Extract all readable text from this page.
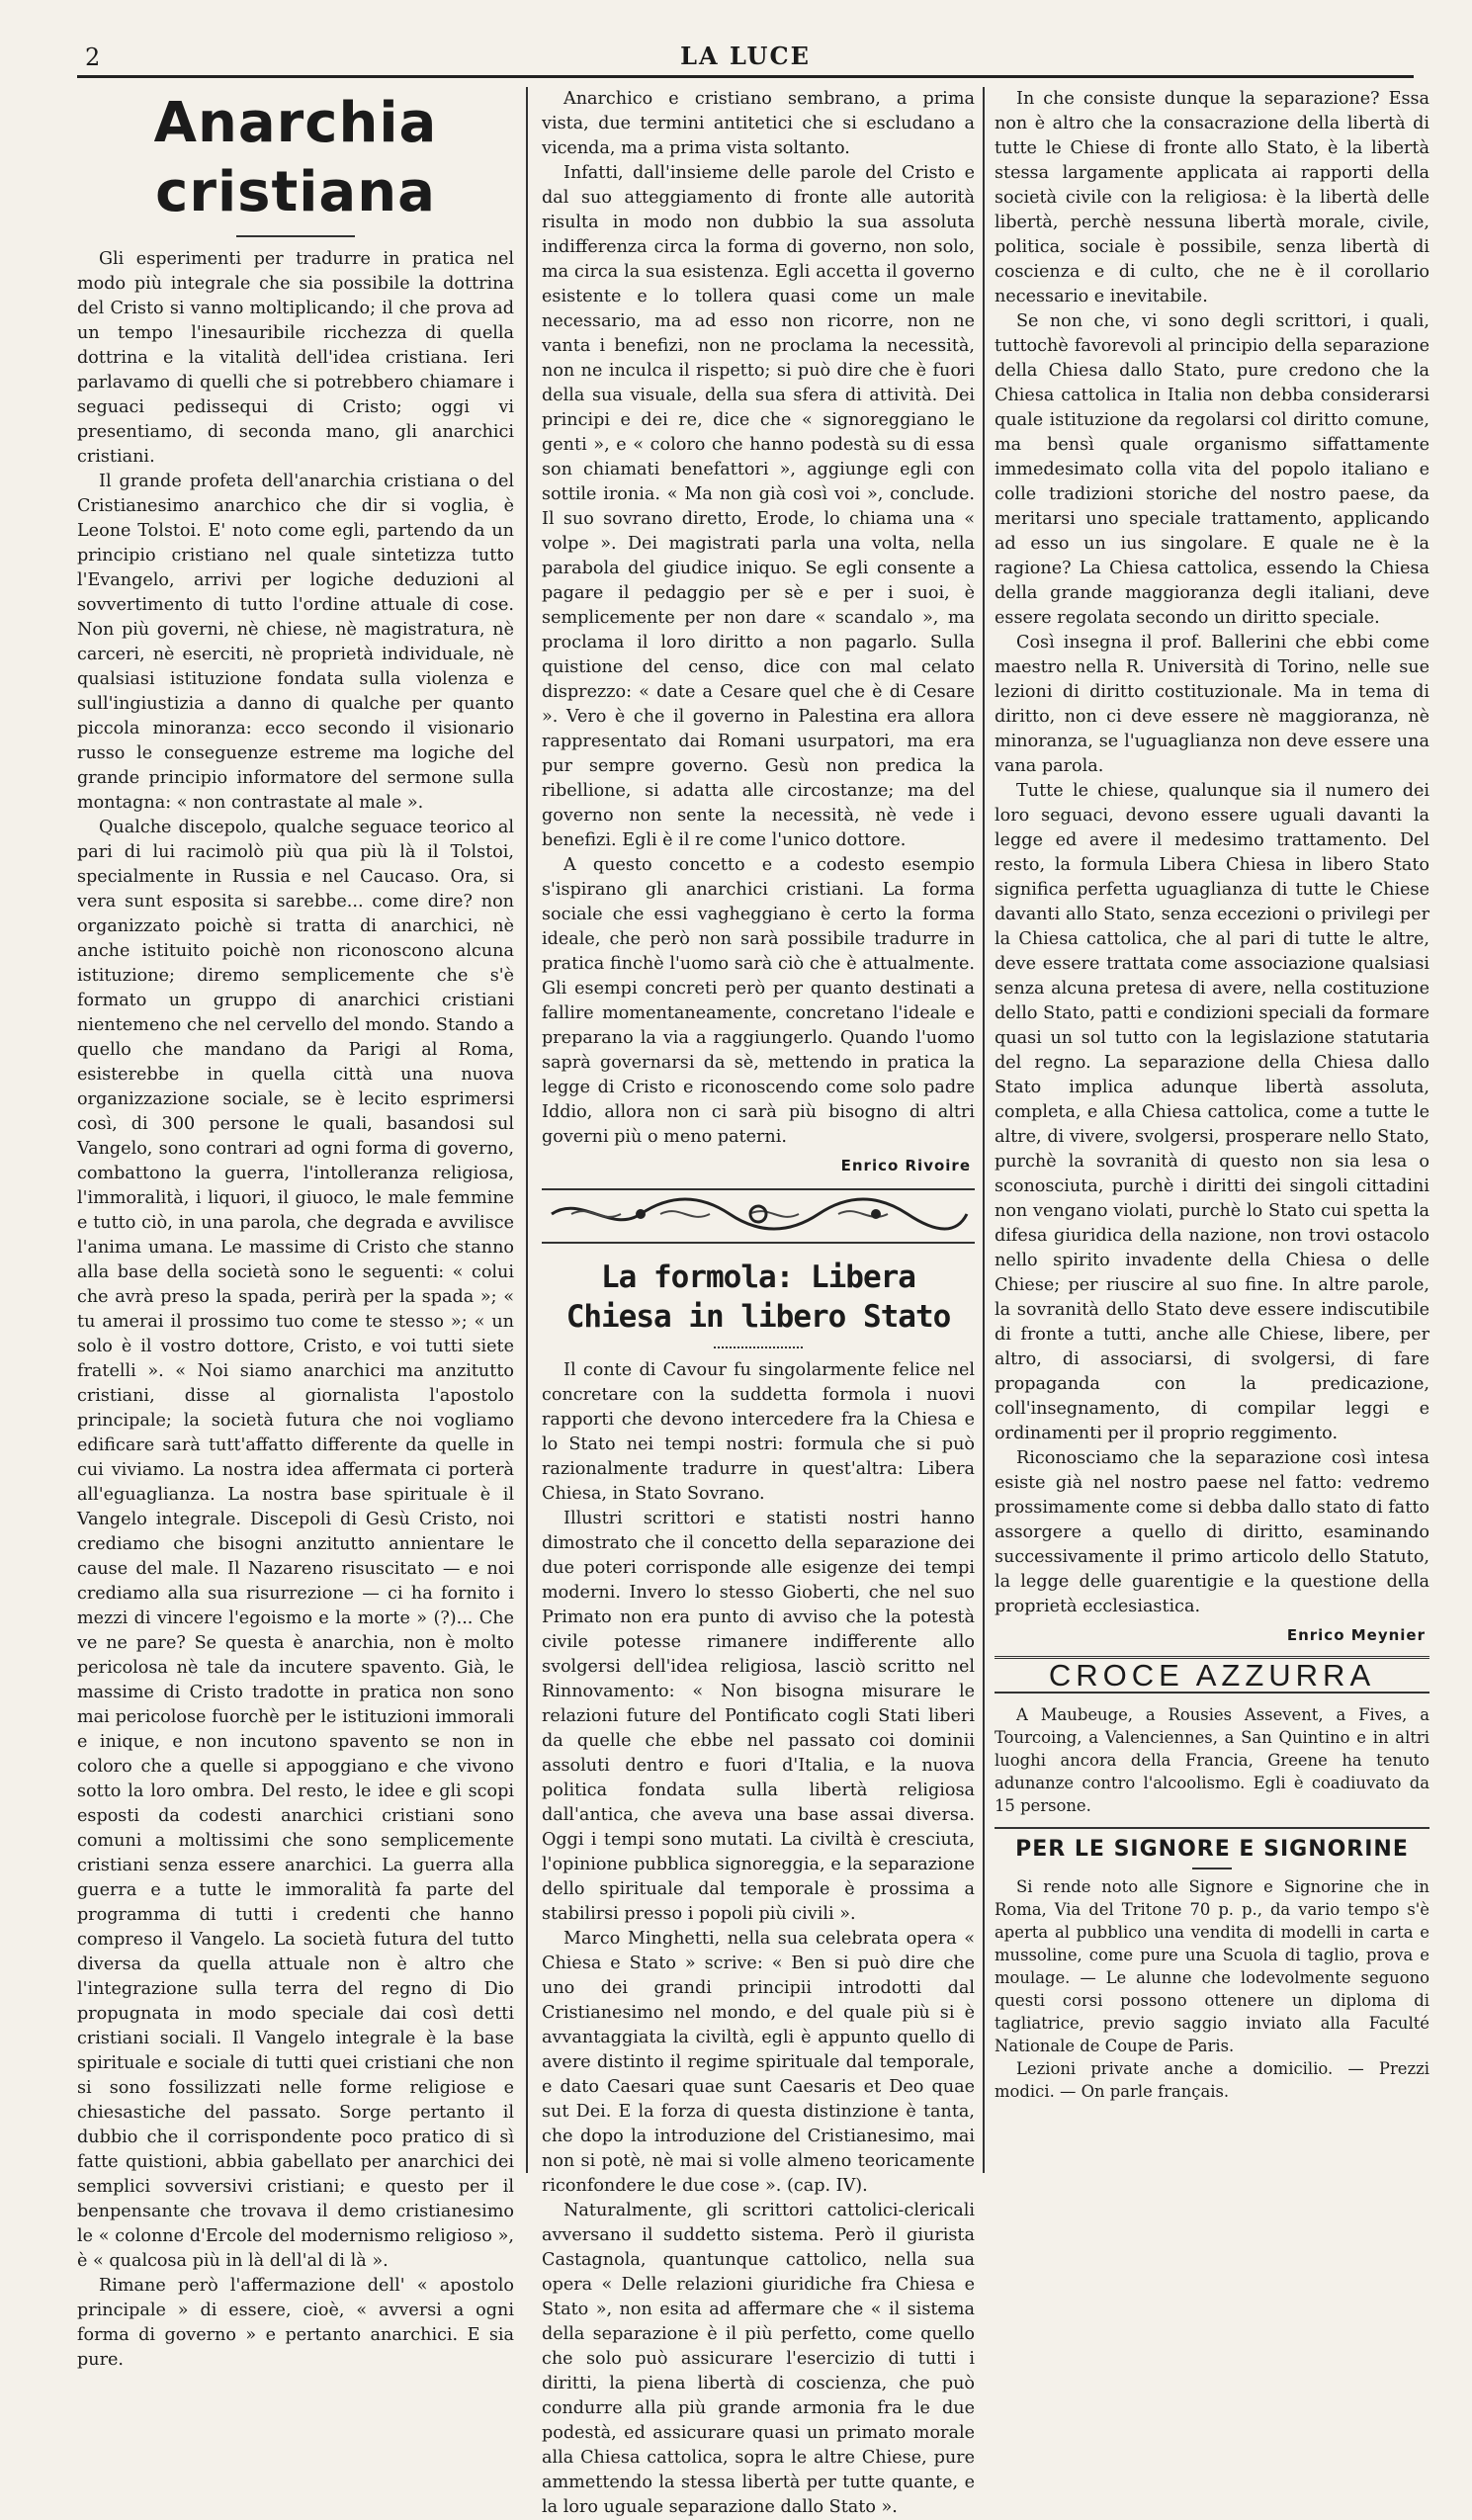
2	LA LUCE
Anarchia cristiana

Gli esperimenti per tradurre in pratica nel modo più integrale che sia possibile la dottrina del Cristo si vanno moltiplicando; il che prova ad un tempo l'inesauribile ricchezza di quella dottrina e la vitalità dell'idea cristiana. Ieri parlavamo di quelli che si potrebbero chiamare i seguaci pedissequi di Cristo; oggi vi presentiamo, di seconda mano, gli anarchici cristiani.

Il grande profeta dell'anarchia cristiana o del Cristianesimo anarchico che dir si voglia, è Leone Tolstoi. E' noto come egli, partendo da un principio cristiano nel quale sintetizza tutto l'Evangelo, arrivi per logiche deduzioni al sovvertimento di tutto l'ordine attuale di cose. Non più governi, nè chiese, nè magistratura, nè carceri, nè eserciti, nè proprietà individuale, nè qualsiasi istituzione fondata sulla violenza e sull'ingiustizia a danno di qualche per quanto piccola minoranza: ecco secondo il visionario russo le conseguenze estreme ma logiche del grande principio informatore del sermone sulla montagna: « non contrastate al male ».

Qualche discepolo, qualche seguace teorico al pari di lui racimolò più qua più là il Tolstoi, specialmente in Russia e nel Caucaso. Ora, si vera sunt esposita si sarebbe... come dire? non organizzato poichè si tratta di anarchici, nè anche istituito poichè non riconoscono alcuna istituzione; diremo semplicemente che s'è formato un gruppo di anarchici cristiani nientemeno che nel cervello del mondo. Stando a quello che mandano da Parigi al Roma, esisterebbe in quella città una nuova organizzazione sociale, se è lecito esprimersi così, di 300 persone le quali, basandosi sul Vangelo, sono contrari ad ogni forma di governo, combattono la guerra, l'intolleranza religiosa, l'immoralità, i liquori, il giuoco, le male femmine e tutto ciò, in una parola, che degrada e avvilisce l'anima umana. Le massime di Cristo che stanno alla base della società sono le seguenti: « colui che avrà preso la spada, perirà per la spada »; « tu amerai il prossimo tuo come te stesso »; « un solo è il vostro dottore, Cristo, e voi tutti siete fratelli ». « Noi siamo anarchici ma anzitutto cristiani, disse al giornalista l'apostolo principale; la società futura che noi vogliamo edificare sarà tutt'affatto differente da quelle in cui viviamo. La nostra idea affermata ci porterà all'eguaglianza. La nostra base spirituale è il Vangelo integrale. Discepoli di Gesù Cristo, noi crediamo che bisogni anzitutto annientare le cause del male. Il Nazareno risuscitato — e noi crediamo alla sua risurrezione — ci ha fornito i mezzi di vincere l'egoismo e la morte » (?)... Che ve ne pare? Se questa è anarchia, non è molto pericolosa nè tale da incutere spavento. Già, le massime di Cristo tradotte in pratica non sono mai pericolose fuorchè per le istituzioni immorali e inique, e non incutono spavento se non in coloro che a quelle si appoggiano e che vivono sotto la loro ombra. Del resto, le idee e gli scopi esposti da codesti anarchici cristiani sono comuni a moltissimi che sono semplicemente cristiani senza essere anarchici. La guerra alla guerra e a tutte le immoralità fa parte del programma di tutti i credenti che hanno compreso il Vangelo. La società futura del tutto diversa da quella attuale non è altro che l'integrazione sulla terra del regno di Dio propugnata in modo speciale dai così detti cristiani sociali. Il Vangelo integrale è la base spirituale e sociale di tutti quei cristiani che non si sono fossilizzati nelle forme religiose e chiesastiche del passato. Sorge pertanto il dubbio che il corrispondente poco pratico di sì fatte quistioni, abbia gabellato per anarchici dei semplici sovversivi cristiani; e questo per il benpensante che trovava il demo cristianesimo le « colonne d'Ercole del modernismo religioso », è « qualcosa più in là dell'al di là ».

Rimane però l'affermazione dell' « apostolo principale » di essere, cioè, « avversi a ogni forma di governo » e pertanto anarchici. E sia pure.

Anarchico e cristiano sembrano, a prima vista, due termini antitetici che si escludano a vicenda, ma a prima vista soltanto.

Infatti, dall'insieme delle parole del Cristo e dal suo atteggiamento di fronte alle autorità risulta in modo non dubbio la sua assoluta indifferenza circa la forma di governo, non solo, ma circa la sua esistenza. Egli accetta il governo esistente e lo tollera quasi come un male necessario, ma ad esso non ricorre, non ne vanta i benefizi, non ne proclama la necessità, non ne inculca il rispetto; si può dire che è fuori della sua visuale, della sua sfera di attività. Dei principi e dei re, dice che « signoreggiano le genti », e « coloro che hanno podestà su di essa son chiamati benefattori », aggiunge egli con sottile ironia. « Ma non già così voi », conclude. Il suo sovrano diretto, Erode, lo chiama una « volpe ». Dei magistrati parla una volta, nella parabola del giudice iniquo. Se egli consente a pagare il pedaggio per sè e per i suoi, è semplicemente per non dare « scandalo », ma proclama il loro diritto a non pagarlo. Sulla quistione del censo, dice con mal celato disprezzo: « date a Cesare quel che è di Cesare ». Vero è che il governo in Palestina era allora rappresentato dai Romani usurpatori, ma era pur sempre governo. Gesù non predica la ribellione, si adatta alle circostanze; ma del governo non sente la necessità, nè vede i benefizi. Egli è il re come l'unico dottore.

A questo concetto e a codesto esempio s'ispirano gli anarchici cristiani. La forma sociale che essi vagheggiano è certo la forma ideale, che però non sarà possibile tradurre in pratica finchè l'uomo sarà ciò che è attualmente. Gli esempi concreti però per quanto destinati a fallire momentaneamente, concretano l'ideale e preparano la via a raggiungerlo. Quando l'uomo saprà governarsi da sè, mettendo in pratica la legge di Cristo e riconoscendo come solo padre Iddio, allora non ci sarà più bisogno di altri governi più o meno paterni.

Enrico Rivoire
La formola: Libera Chiesa in libero Stato

Il conte di Cavour fu singolarmente felice nel concretare con la suddetta formola i nuovi rapporti che devono intercedere fra la Chiesa e lo Stato nei tempi nostri: formula che si può razionalmente tradurre in quest'altra: Libera Chiesa, in Stato Sovrano.

Illustri scrittori e statisti nostri hanno dimostrato che il concetto della separazione dei due poteri corrisponde alle esigenze dei tempi moderni. Invero lo stesso Gioberti, che nel suo Primato non era punto di avviso che la potestà civile potesse rimanere indifferente allo svolgersi dell'idea religiosa, lasciò scritto nel Rinnovamento: « Non bisogna misurare le relazioni future del Pontificato cogli Stati liberi da quelle che ebbe nel passato coi dominii assoluti dentro e fuori d'Italia, e la nuova politica fondata sulla libertà religiosa dall'antica, che aveva una base assai diversa. Oggi i tempi sono mutati. La civiltà è cresciuta, l'opinione pubblica signoreggia, e la separazione dello spirituale dal temporale è prossima a stabilirsi presso i popoli più civili ».

Marco Minghetti, nella sua celebrata opera « Chiesa e Stato » scrive: « Ben si può dire che uno dei grandi principii introdotti dal Cristianesimo nel mondo, e del quale più si è avvantaggiata la civiltà, egli è appunto quello di avere distinto il regime spirituale dal temporale, e dato Caesari quae sunt Caesaris et Deo quae sut Dei. E la forza di questa distinzione è tanta, che dopo la introduzione del Cristianesimo, mai non si potè, nè mai si volle almeno teoricamente riconfondere le due cose ». (cap. IV).

Naturalmente, gli scrittori cattolici-clericali avversano il suddetto sistema. Però il giurista Castagnola, quantunque cattolico, nella sua opera « Delle relazioni giuridiche fra Chiesa e Stato », non esita ad affermare che « il sistema della separazione è il più perfetto, come quello che solo può assicurare l'esercizio di tutti i diritti, la piena libertà di coscienza, che può condurre alla più grande armonia fra le due podestà, ed assicurare quasi un primato morale alla Chiesa cattolica, sopra le altre Chiese, pure ammettendo la stessa libertà per tutte quante, e la loro uguale separazione dallo Stato ».

In che consiste dunque la separazione? Essa non è altro che la consacrazione della libertà di tutte le Chiese di fronte allo Stato, è la libertà stessa largamente applicata ai rapporti della società civile con la religiosa: è la libertà delle libertà, perchè nessuna libertà morale, civile, politica, sociale è possibile, senza libertà di coscienza e di culto, che ne è il corollario necessario e inevitabile.

Se non che, vi sono degli scrittori, i quali, tuttochè favorevoli al principio della separazione della Chiesa dallo Stato, pure credono che la Chiesa cattolica in Italia non debba considerarsi quale istituzione da regolarsi col diritto comune, ma bensì quale organismo siffattamente immedesimato colla vita del popolo italiano e colle tradizioni storiche del nostro paese, da meritarsi uno speciale trattamento, applicando ad esso un ius singolare. E quale ne è la ragione? La Chiesa cattolica, essendo la Chiesa della grande maggioranza degli italiani, deve essere regolata secondo un diritto speciale.

Così insegna il prof. Ballerini che ebbi come maestro nella R. Università di Torino, nelle sue lezioni di diritto costituzionale. Ma in tema di diritto, non ci deve essere nè maggioranza, nè minoranza, se l'uguaglianza non deve essere una vana parola.

Tutte le chiese, qualunque sia il numero dei loro seguaci, devono essere uguali davanti la legge ed avere il medesimo trattamento. Del resto, la formula Libera Chiesa in libero Stato significa perfetta uguaglianza di tutte le Chiese davanti allo Stato, senza eccezioni o privilegi per la Chiesa cattolica, che al pari di tutte le altre, deve essere trattata come associazione qualsiasi senza alcuna pretesa di avere, nella costituzione dello Stato, patti e condizioni speciali da formare quasi un sol tutto con la legislazione statutaria del regno. La separazione della Chiesa dallo Stato implica adunque libertà assoluta, completa, e alla Chiesa cattolica, come a tutte le altre, di vivere, svolgersi, prosperare nello Stato, purchè la sovranità di questo non sia lesa o sconosciuta, purchè i diritti dei singoli cittadini non vengano violati, purchè lo Stato cui spetta la difesa giuridica della nazione, non trovi ostacolo nello spirito invadente della Chiesa o delle Chiese; per riuscire al suo fine. In altre parole, la sovranità dello Stato deve essere indiscutibile di fronte a tutti, anche alle Chiese, libere, per altro, di associarsi, di svolgersi, di fare propaganda con la predicazione, coll'insegnamento, di compilar leggi e ordinamenti per il proprio reggimento.

Riconosciamo che la separazione così intesa esiste già nel nostro paese nel fatto: vedremo prossimamente come si debba dallo stato di fatto assorgere a quello di diritto, esaminando successivamente il primo articolo dello Statuto, la legge delle guarentigie e la questione della proprietà ecclesiastica.

Enrico Meynier
CROCE AZZURRA

A Maubeuge, a Rousies Assevent, a Fives, a Tourcoing, a Valenciennes, a San Quintino e in altri luoghi ancora della Francia, Greene ha tenuto adunanze contro l'alcoolismo. Egli è coadiuvato da 15 persone.

PER LE SIGNORE E SIGNORINE

Si rende noto alle Signore e Signorine che in Roma, Via del Tritone 70 p. p., da vario tempo s'è aperta al pubblico una vendita di modelli in carta e mussoline, come pure una Scuola di taglio, prova e moulage. — Le alunne che lodevolmente seguono questi corsi possono ottenere un diploma di tagliatrice, previo saggio inviato alla Faculté Nationale de Coupe de Paris.

Lezioni private anche a domicilio. — Prezzi modici. — On parle français.
